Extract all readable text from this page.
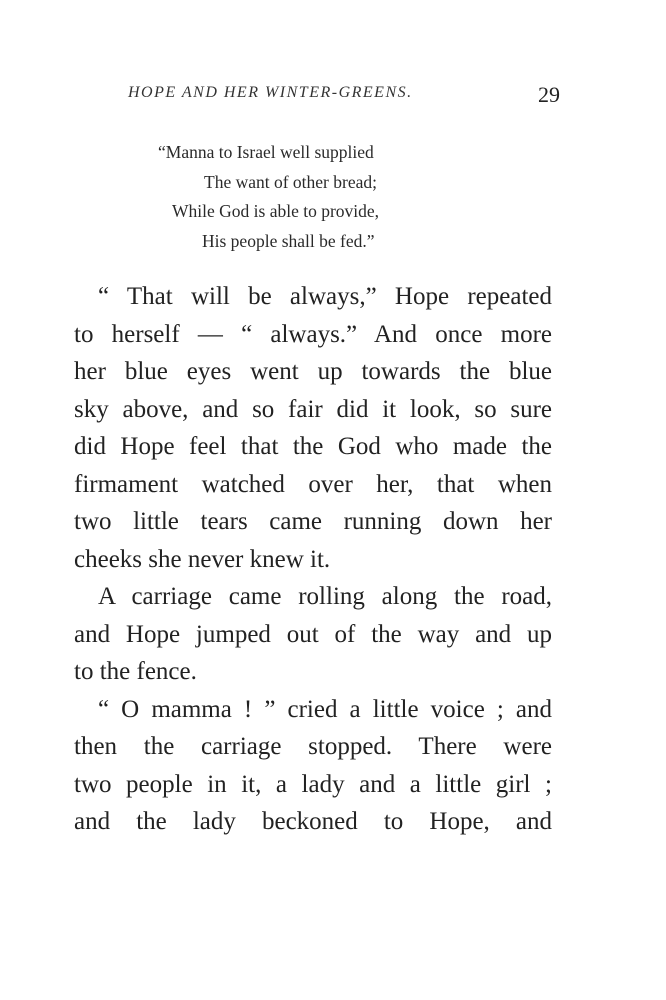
HOPE AND HER WINTER-GREENS.	29
“Manna to Israel well supplied
The want of other bread;
While God is able to provide,
His people shall be fed.”

“ That will be always,” Hope repeated
to herself — “ always.” And once more
her blue eyes went up towards the blue
sky above, and so fair did it look, so sure
did Hope feel that the God who made the
firmament watched over her, that when
two little tears came running down her
cheeks she never knew it.

A carriage came rolling along the road,
and Hope jumped out of the way and up
to the fence.

“ O mamma ! ” cried a little voice ; and
then the carriage stopped. There were
two people in it, a lady and a little girl ;
and the lady beckoned to Hope, and
